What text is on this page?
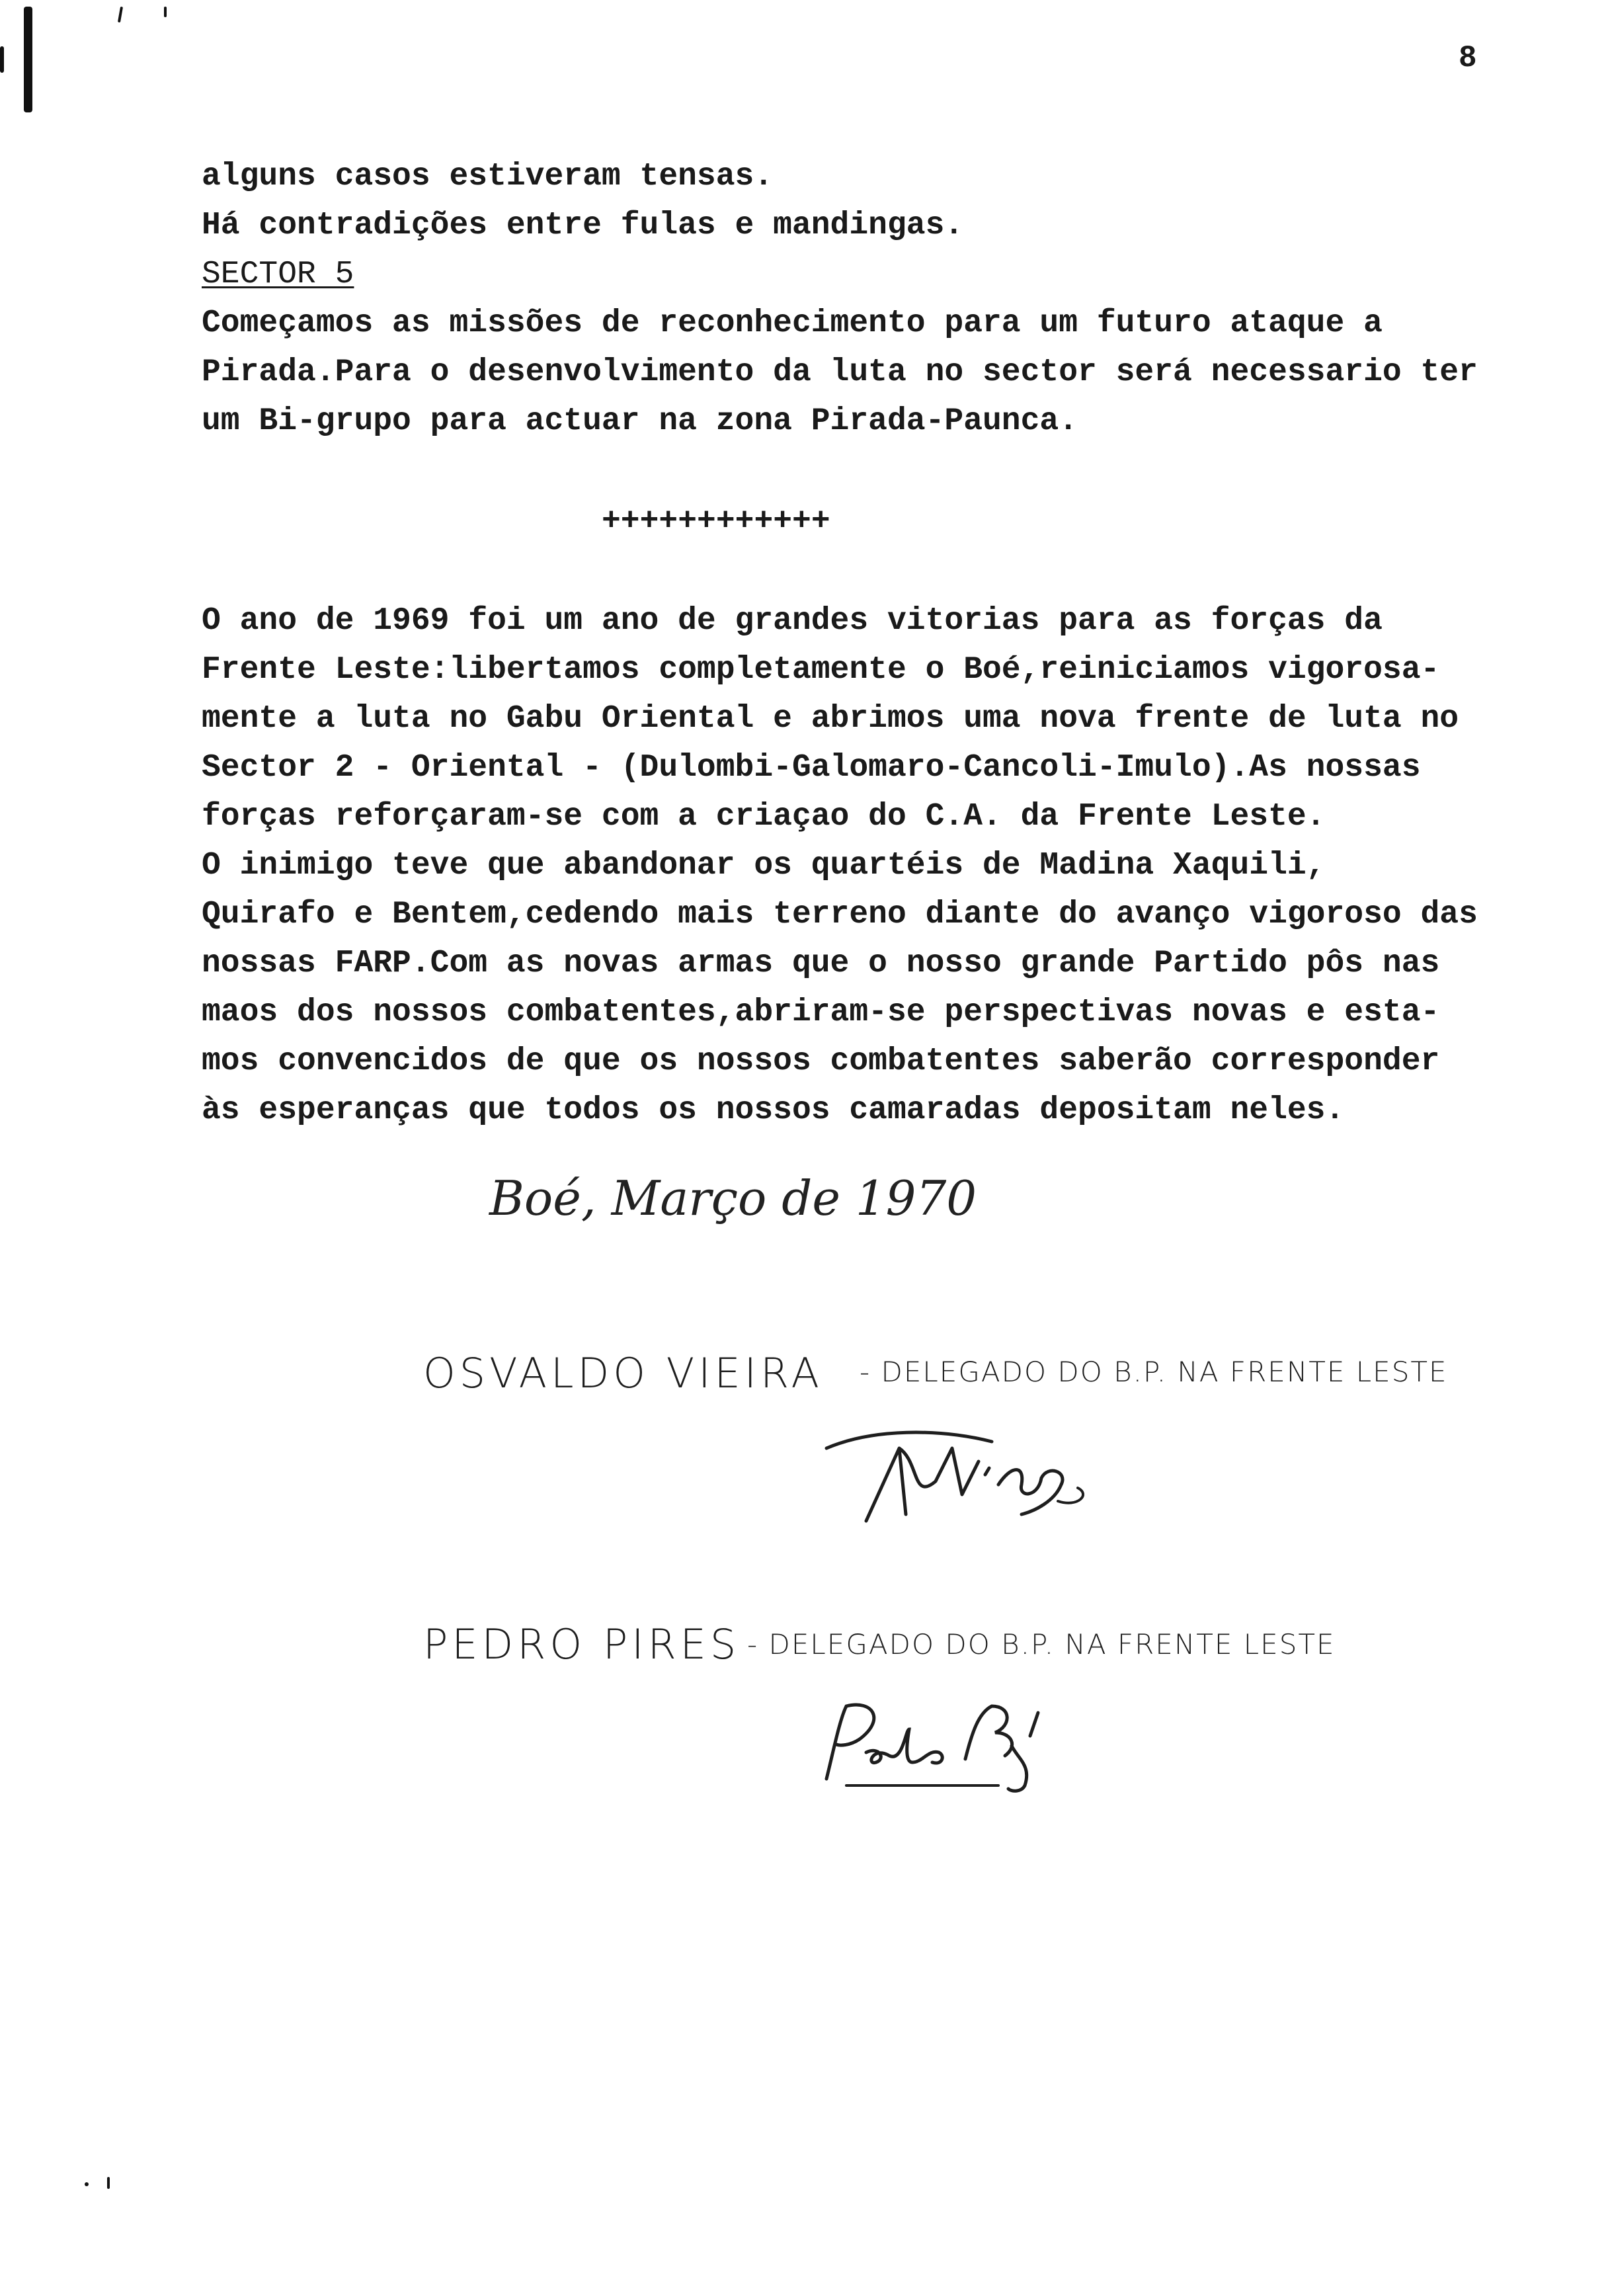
8

alguns casos estiveram tensas.

Há contradições entre fulas e mandingas.

SECTOR 5

Começamos as missões de reconhecimento para um futuro ataque a

Pirada.Para o desenvolvimento da luta no sector será necessario ter

um Bi-grupo para actuar na zona Pirada-Paunca.

++++++++++++

O ano de 1969 foi um ano de grandes vitorias para as forças da

Frente Leste:libertamos completamente o Boé,reiniciamos vigorosa-

mente a luta no Gabu Oriental e abrimos uma nova frente de luta no

Sector 2 - Oriental - (Dulombi-Galomaro-Cancoli-Imulo).As nossas

forças reforçaram-se com a criaçao do C.A. da Frente Leste.

O inimigo teve que abandonar os quartéis de Madina Xaquili,

Quirafo e Bentem,cedendo mais terreno diante do avanço vigoroso das

nossas FARP.Com as novas armas que o nosso grande Partido pôs nas

maos dos nossos combatentes,abriram-se perspectivas novas e esta-

mos convencidos de que os nossos combatentes saberão corresponder

às esperanças que todos os nossos camaradas depositam neles.

Boé, Março de 1970
OSVALDO VIEIRA - DELEGADO DO B.P. NA FRENTE LESTE
PEDRO PIRES - DELEGADO DO B.P. NA FRENTE LESTE
